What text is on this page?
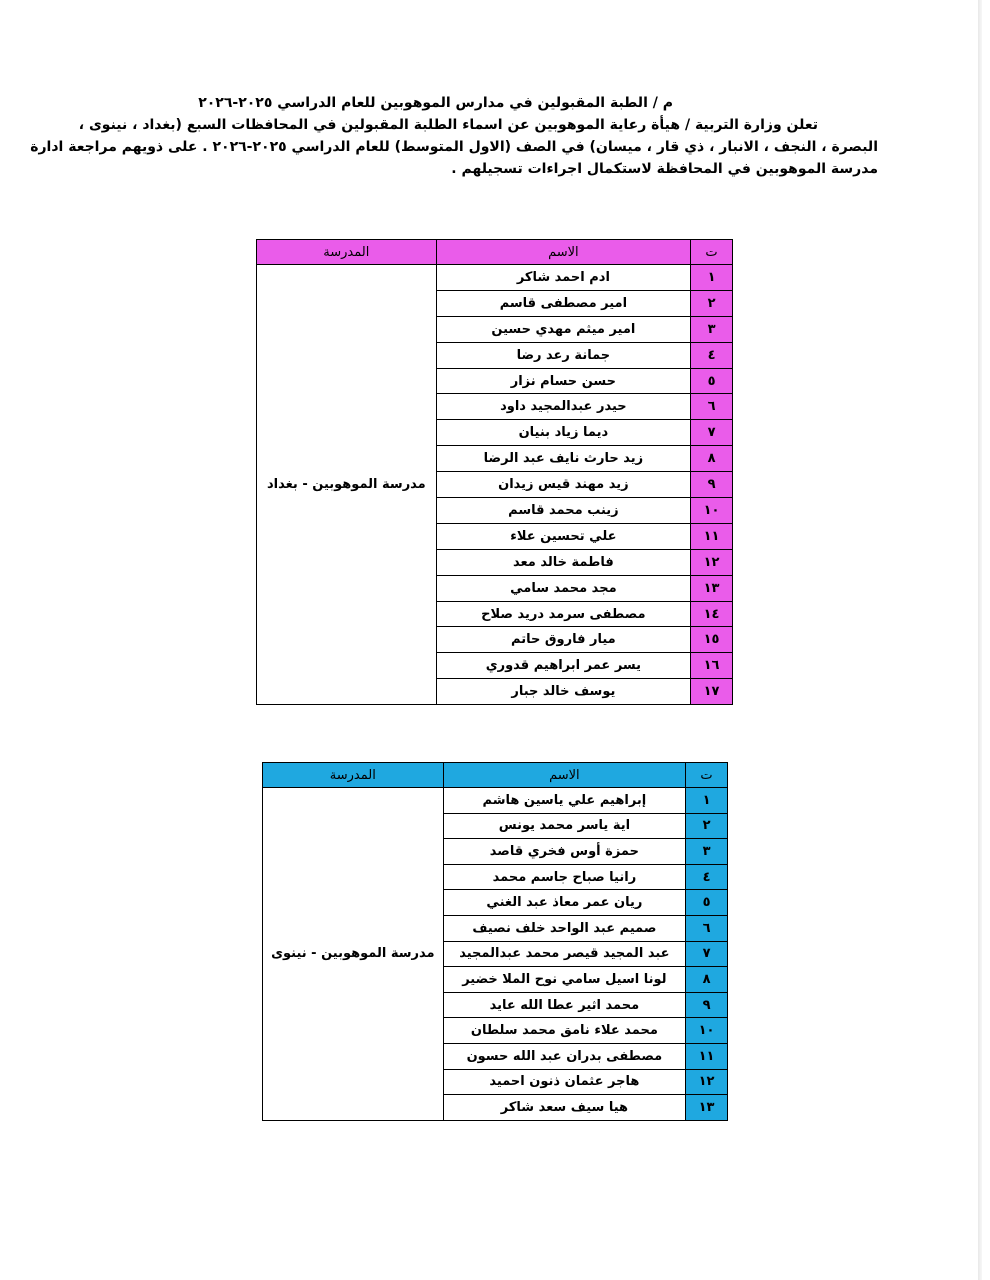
م / الطبة المقبولين في مدارس الموهوبين للعام الدراسي ٢٠٢٥-٢٠٢٦
تعلن وزارة التربية / هيأة رعاية الموهوبين عن اسماء الطلبة المقبولين في المحافظات السبع (بغداد ، نينوى ،
البصرة ، النجف ، الانبار ، ذي قار ، ميسان) في الصف (الاول المتوسط) للعام الدراسي ٢٠٢٥-٢٠٢٦ . على ذويهم مراجعة ادارة
مدرسة الموهوبين في المحافظة لاستكمال اجراءات تسجيلهم .
ت	الاسم	المدرسة
١	ادم احمد شاكر	مدرسة الموهوبين - بغداد
٢	امير مصطفى قاسم	
٣	امير ميثم مهدي حسين	
٤	جمانة رعد رضا	
٥	حسن حسام نزار	
٦	حيدر عبدالمجيد داود	
٧	ديما زياد بنيان	
٨	زيد حارث نايف عبد الرضا	
٩	زيد مهند قيس زيدان	
١٠	زينب محمد قاسم	
١١	علي تحسين علاء	
١٢	فاطمة خالد معد	
١٣	مجد محمد سامي	
١٤	مصطفى سرمد دريد صلاح	
١٥	ميار فاروق حاتم	
١٦	يسر عمر ابراهيم قدوري	
١٧	يوسف خالد جبار	
ت	الاسم	المدرسة
١	إبراهيم علي ياسين هاشم	مدرسة الموهوبين - نينوى
٢	اية ياسر محمد يونس	
٣	حمزة أوس فخري قاصد	
٤	رانيا صباح جاسم محمد	
٥	ريان عمر معاذ عبد الغني	
٦	صميم عبد الواحد خلف نصيف	
٧	عبد المجيد قيصر محمد عبدالمجيد	
٨	لونا اسيل سامي نوح الملا خضير	
٩	محمد اثير عطا الله عايد	
١٠	محمد علاء نامق محمد سلطان	
١١	مصطفى بدران عبد الله حسون	
١٢	هاجر عثمان ذنون احميد	
١٣	هيا سيف سعد شاكر	
